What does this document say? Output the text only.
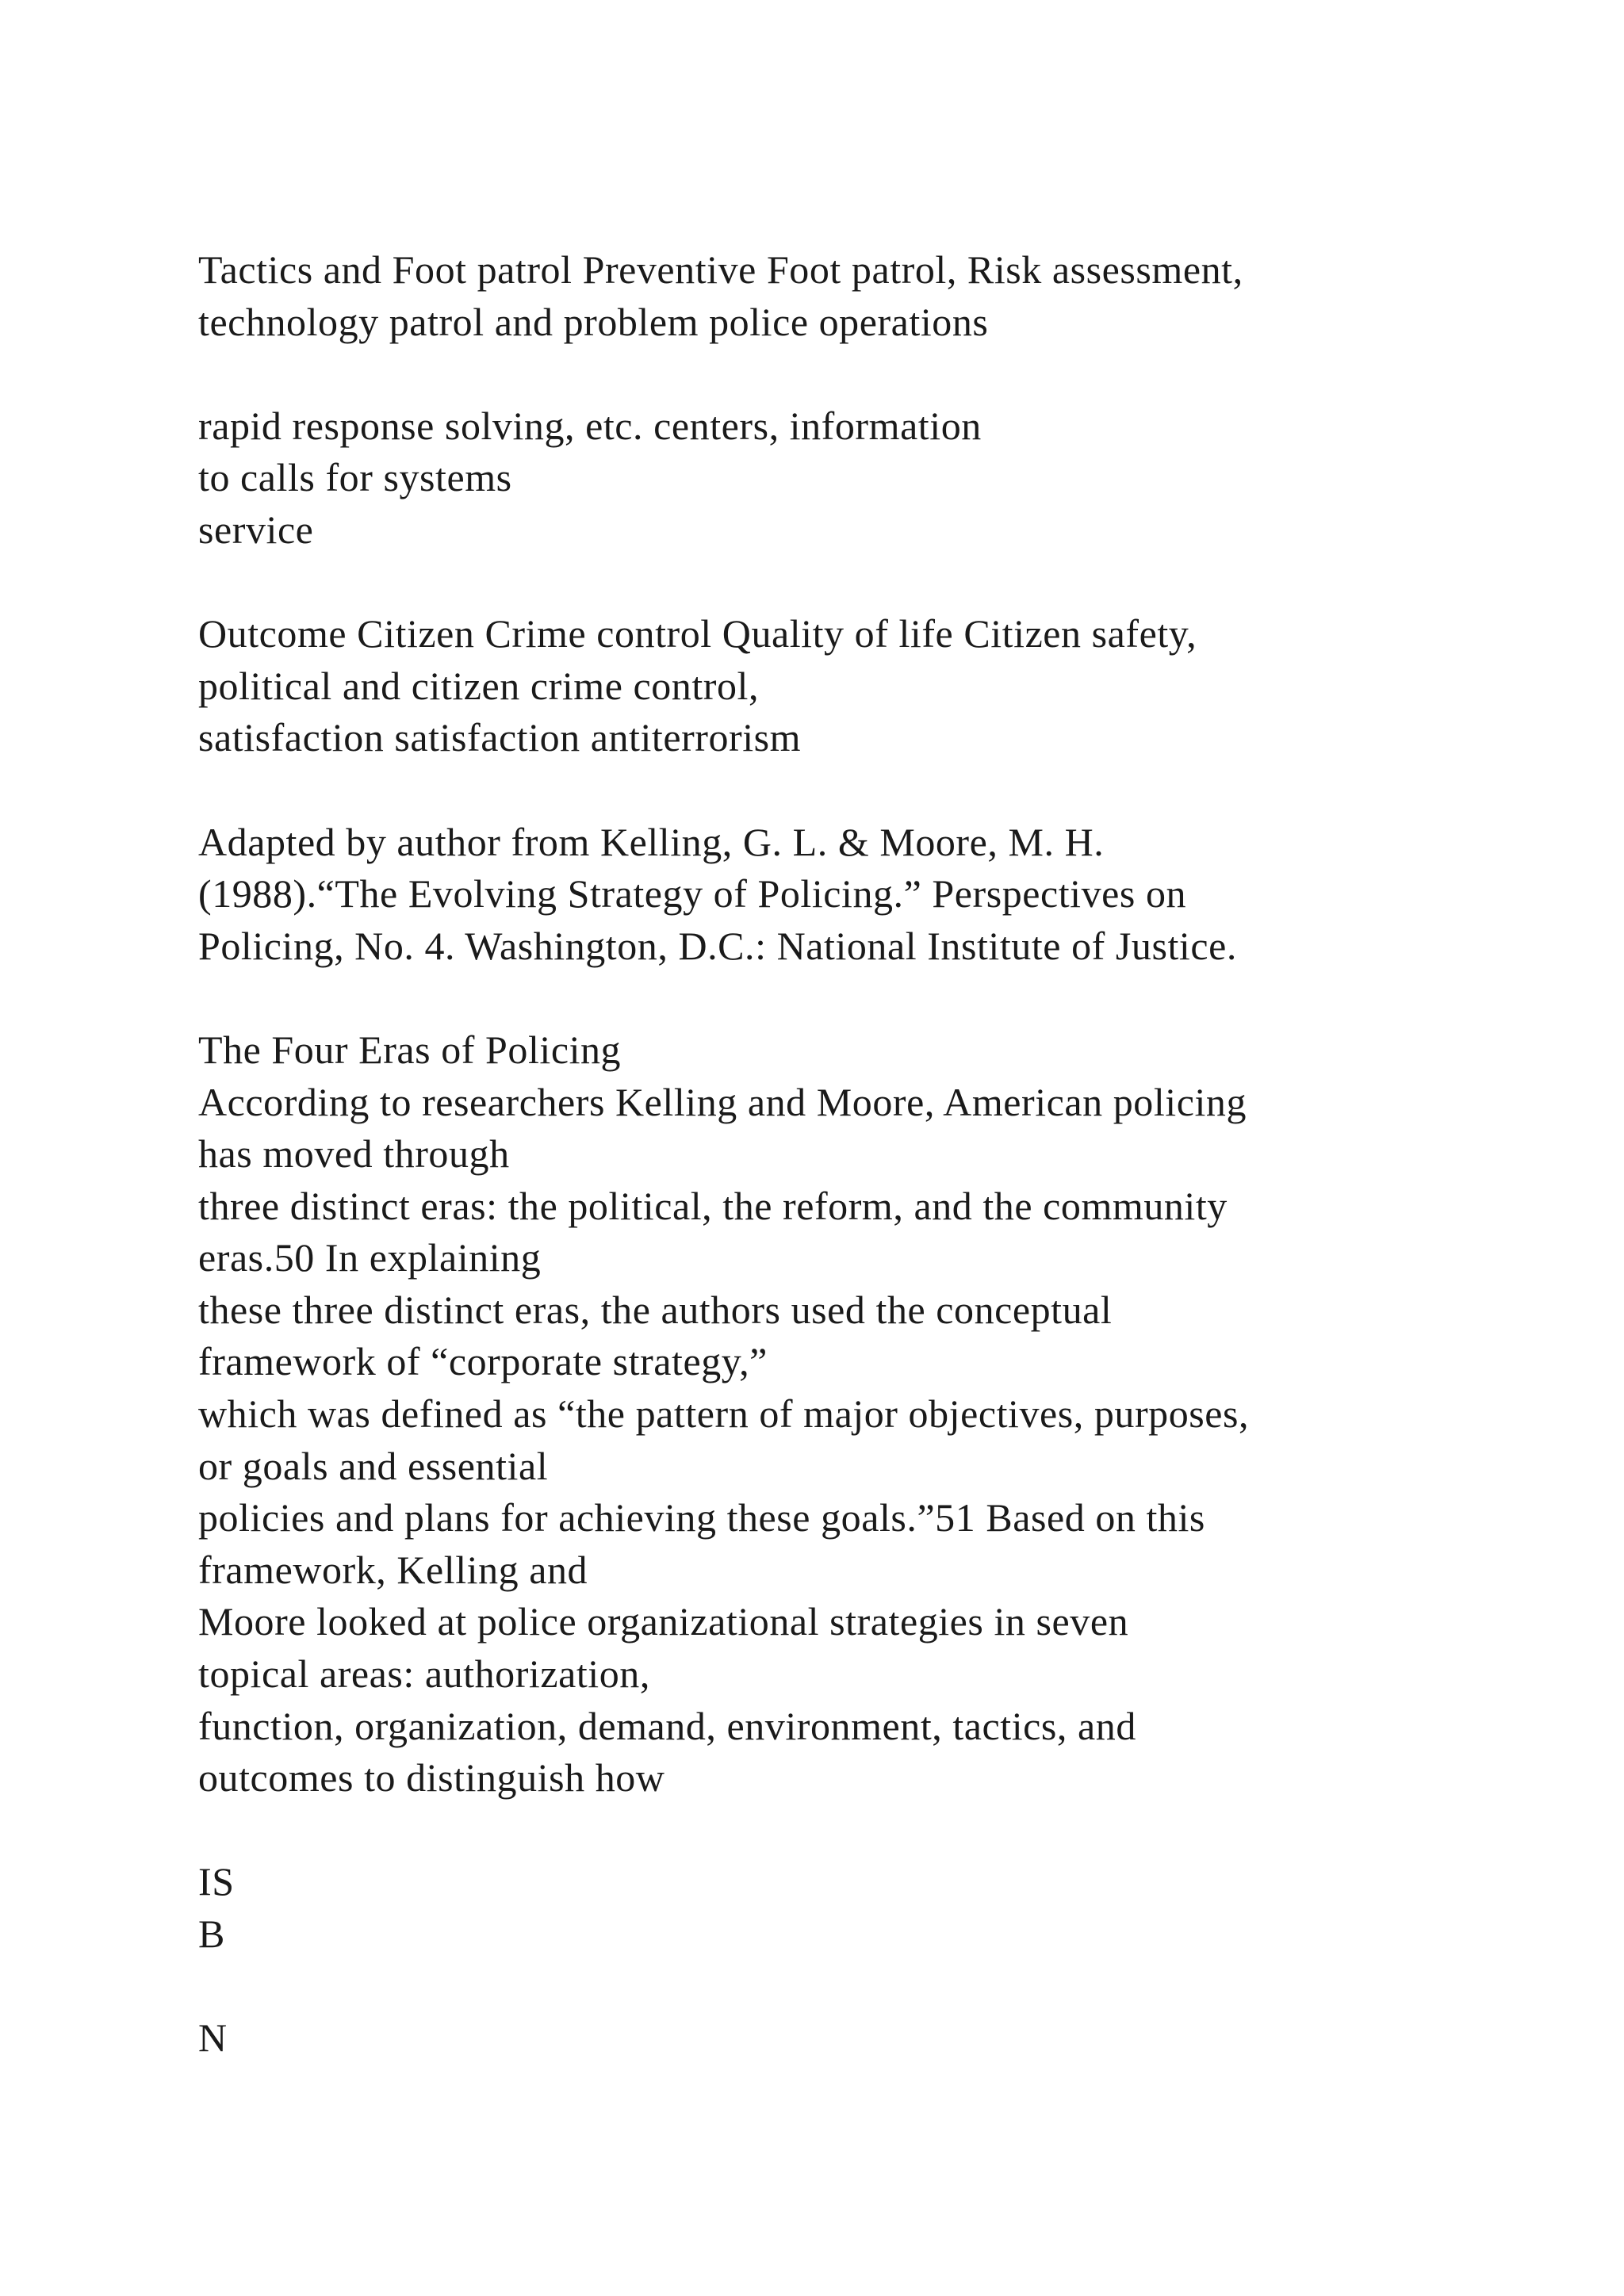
Tactics and Foot patrol Preventive Foot patrol, Risk assessment,
technology patrol and problem police operations
rapid response solving, etc. centers, information
to calls for systems
service
Outcome Citizen Crime control Quality of life Citizen safety,
political and citizen crime control,
satisfaction satisfaction antiterrorism
Adapted by author from Kelling, G. L. & Moore, M. H.
(1988).“The Evolving Strategy of Policing.” Perspectives on
Policing, No. 4. Washington, D.C.: National Institute of Justice.
The Four Eras of Policing
According to researchers Kelling and Moore, American policing
has moved through
three distinct eras: the political, the reform, and the community
eras.50 In explaining
these three distinct eras, the authors used the conceptual
framework of “corporate strategy,”
which was defined as “the pattern of major objectives, purposes,
or goals and essential
policies and plans for achieving these goals.”51 Based on this
framework, Kelling and
Moore looked at police organizational strategies in seven
topical areas: authorization,
function, organization, demand, environment, tactics, and
outcomes to distinguish how
IS
B
N
